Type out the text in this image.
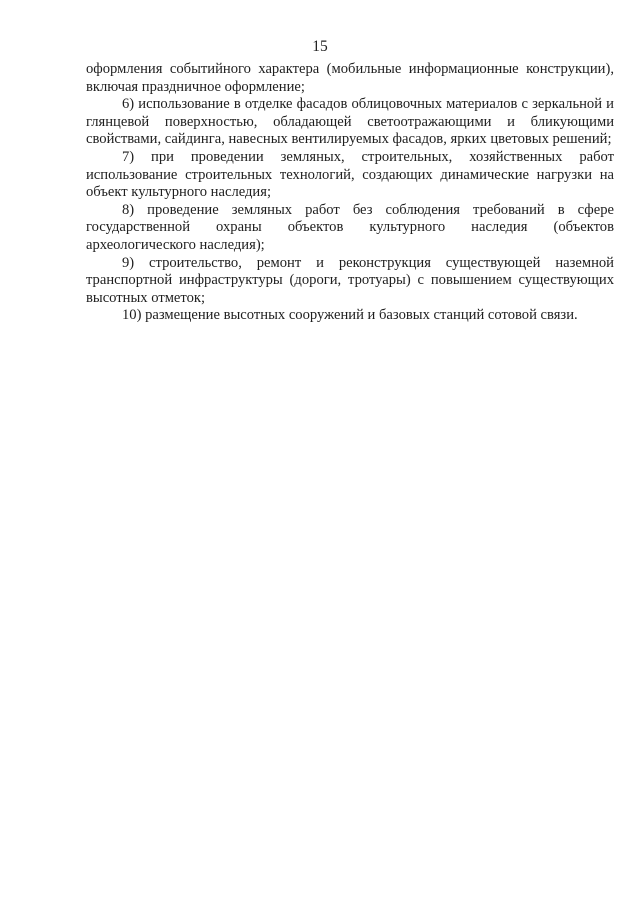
15

оформления событийного характера (мобильные информационные конструкции), включая праздничное оформление;

6) использование в отделке фасадов облицовочных материалов с зеркальной и глянцевой поверхностью, обладающей светоотражающими и бликующими свойствами, сайдинга, навесных вентилируемых фасадов, ярких цветовых решений;

7) при проведении земляных, строительных, хозяйственных работ использование строительных технологий, создающих динамические нагрузки на объект культурного наследия;

8) проведение земляных работ без соблюдения требований в сфере государственной охраны объектов культурного наследия (объектов археологического наследия);

9) строительство, ремонт и реконструкция существующей наземной транспортной инфраструктуры (дороги, тротуары) с повышением существующих высотных отметок;

10) размещение высотных сооружений и базовых станций сотовой связи.
